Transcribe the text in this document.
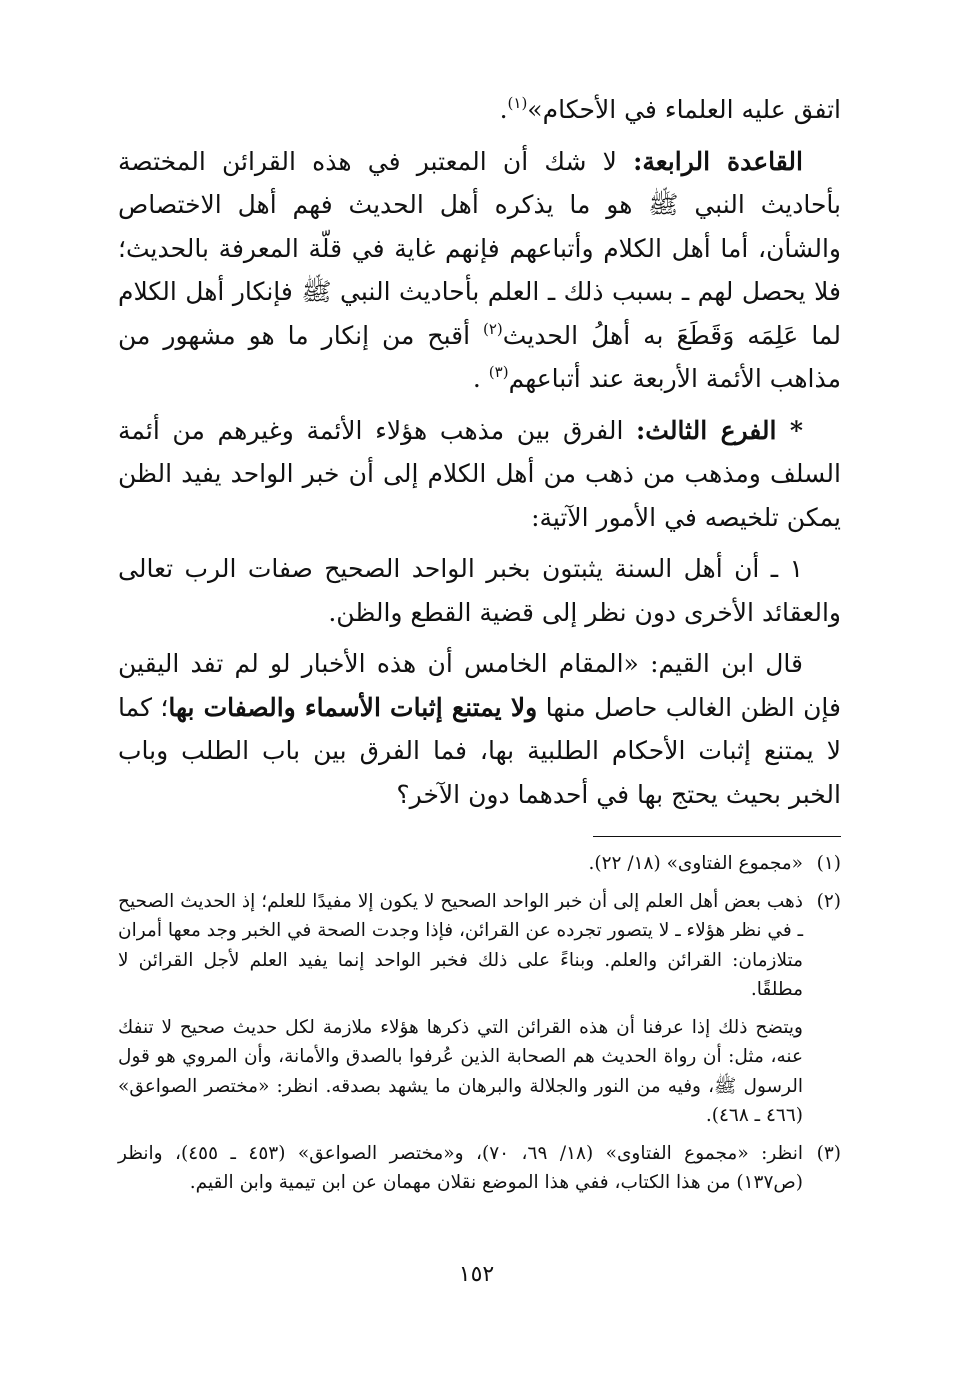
اتفق عليه العلماء في الأحكام»$^{(١)}$.

القاعدة الرابعة: لا شك أن المعتبر في هذه القرائن المختصة بأحاديث النبي ﷺ هو ما يذكره أهل الحديث فهم أهل الاختصاص والشأن، أما أهل الكلام وأتباعهم فإنهم غاية في قلّة المعرفة بالحديث؛ فلا يحصل لهم ـ بسبب ذلك ـ العلم بأحاديث النبي ﷺ فإنكار أهل الكلام لما عَلِمَه وَقَطَعَ به أهلُ الحديث$^{(٢)}$ أقبح من إنكار ما هو مشهور من مذاهب الأئمة الأربعة عند أتباعهم$^{(٣)}$ .

* الفرع الثالث: الفرق بين مذهب هؤلاء الأئمة وغيرهم من أئمة السلف ومذهب من ذهب من أهل الكلام إلى أن خبر الواحد يفيد الظن يمكن تلخيصه في الأمور الآتية:

١ ـ أن أهل السنة يثبتون بخبر الواحد الصحيح صفات الرب تعالى والعقائد الأخرى دون نظر إلى قضية القطع والظن.

قال ابن القيم: «المقام الخامس أن هذه الأخبار لو لم تفد اليقين فإن الظن الغالب حاصل منها ولا يمتنع إثبات الأسماء والصفات بها؛ كما لا يمتنع إثبات الأحكام الطلبية بها، فما الفرق بين باب الطلب وباب الخبر بحيث يحتج بها في أحدهما دون الآخر؟

(١)

«مجموع الفتاوى» (١٨/ ٢٢).

(٢)

ذهب بعض أهل العلم إلى أن خبر الواحد الصحيح لا يكون إلا مفيدًا للعلم؛ إذ الحديث الصحيح ـ في نظر هؤلاء ـ لا يتصور تجرده عن القرائن، فإذا وجدت الصحة في الخبر وجد معها أمران متلازمان: القرائن والعلم. وبناءً على ذلك فخبر الواحد إنما يفيد العلم لأجل القرائن لا مطلقًا.

ويتضح ذلك إذا عرفنا أن هذه القرائن التي ذكرها هؤلاء ملازمة لكل حديث صحيح لا تنفك عنه، مثل: أن رواة الحديث هم الصحابة الذين عُرفوا بالصدق والأمانة، وأن المروي هو قول الرسول ﷺ، وفيه من النور والجلالة والبرهان ما يشهد بصدقه. انظر: «مختصر الصواعق» (٤٦٦ ـ ٤٦٨).

(٣)

انظر: «مجموع الفتاوى» (١٨/ ٦٩، ٧٠)، و«مختصر الصواعق» (٤٥٣ ـ ٤٥٥)، وانظر (ص١٣٧) من هذا الكتاب، ففي هذا الموضع نقلان مهمان عن ابن تيمية وابن القيم.

١٥٢
